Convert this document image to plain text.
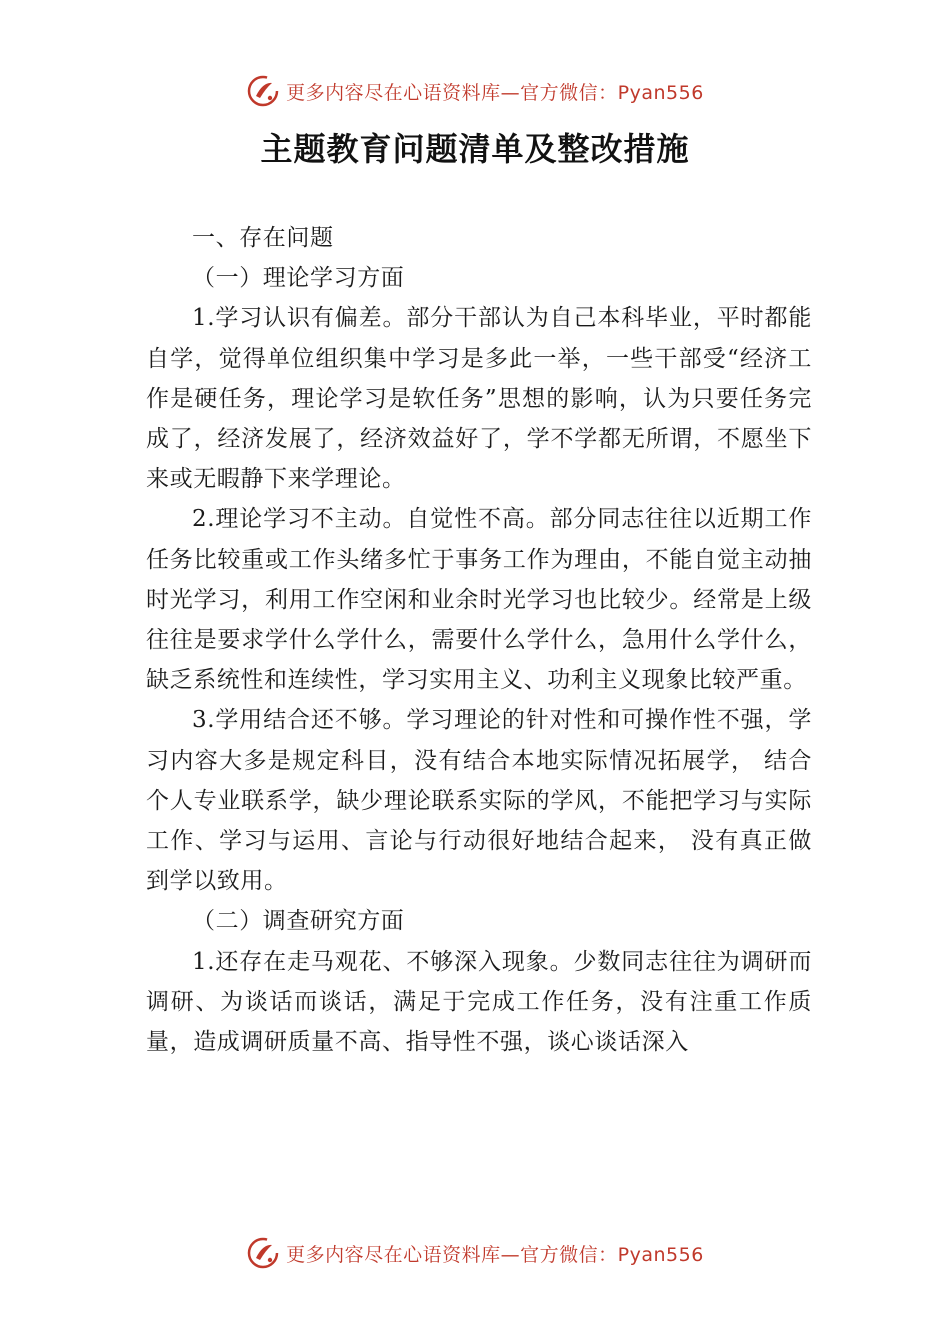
更多内容尽在心语资料库—官方微信：Pyan556
主题教育问题清单及整改措施

一、存在问题

（一）理论学习方面

1.学习认识有偏差。部分干部认为自己本科毕业，平时都能自学，觉得单位组织集中学习是多此一举，一些干部受“经济工作是硬任务，理论学习是软任务”思想的影响，认为只要任务完成了，经济发展了，经济效益好了，学不学都无所谓，不愿坐下来或无暇静下来学理论。

2.理论学习不主动。自觉性不高。部分同志往往以近期工作任务比较重或工作头绪多忙于事务工作为理由，不能自觉主动抽时光学习，利用工作空闲和业余时光学习也比较少。经常是上级往往是要求学什么学什么，需要什么学什么，急用什么学什么，缺乏系统性和连续性，学习实用主义、功利主义现象比较严重。

3.学用结合还不够。学习理论的针对性和可操作性不强，学习内容大多是规定科目，没有结合本地实际情况拓展学， 结合个人专业联系学，缺少理论联系实际的学风，不能把学习与实际工作、学习与运用、言论与行动很好地结合起来， 没有真正做到学以致用。

（二）调查研究方面

1.还存在走马观花、不够深入现象。少数同志往往为调研而调研、为谈话而谈话，满足于完成工作任务，没有注重工作质量，造成调研质量不高、指导性不强，谈心谈话深入

更多内容尽在心语资料库—官方微信：Pyan556
